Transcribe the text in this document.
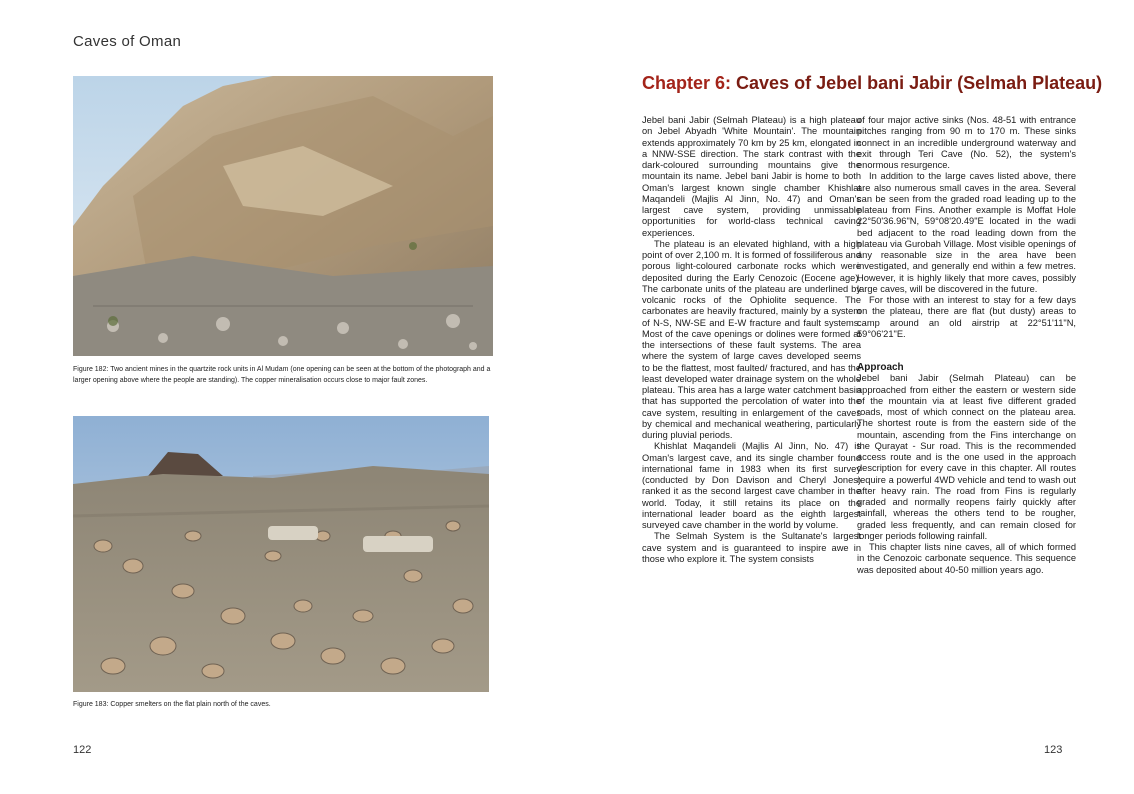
Caves of Oman
Figure 182: Two ancient mines in the quartzite rock units in Al Mudam (one opening can be seen at the bottom of the photograph and a larger opening above where the people are standing). The copper mineralisation occurs close to major fault zones.
Figure 183: Copper smelters on the flat plain north of the caves.
122
Chapter 6: Caves of Jebel bani Jabir (Selmah Plateau)

Jebel bani Jabir (Selmah Plateau) is a high plateau on Jebel Abyadh 'White Mountain'. The mountain extends approximately 70 km by 25 km, elongated in a NNW-SSE direction. The stark contrast with the dark-coloured surrounding mountains give the mountain its name. Jebel bani Jabir is home to both Oman's largest known single chamber Khishlat Maqandeli (Majlis Al Jinn, No. 47) and Oman's largest cave system, providing unmissable opportunities for world-class technical caving experiences.

The plateau is an elevated highland, with a high point of over 2,100 m. It is formed of fossiliferous and porous light-coloured carbonate rocks which were deposited during the Early Cenozoic (Eocene age). The carbonate units of the plateau are underlined by volcanic rocks of the Ophiolite sequence. The carbonates are heavily fractured, mainly by a system of N-S, NW-SE and E-W fracture and fault systems. Most of the cave openings or dolines were formed at the intersections of these fault systems. The area where the system of large caves developed seems to be the flattest, most faulted/ fractured, and has the least developed water drainage system on the whole plateau. This area has a large water catchment basin that has supported the percolation of water into the cave system, resulting in enlargement of the caves by chemical and mechanical weathering, particularly during pluvial periods.

Khishlat Maqandeli (Majlis Al Jinn, No. 47) is Oman's largest cave, and its single chamber found international fame in 1983 when its first survey (conducted by Don Davison and Cheryl Jones) ranked it as the second largest cave chamber in the world. Today, it still retains its place on the international leader board as the eighth largest surveyed cave chamber in the world by volume.

The Selmah System is the Sultanate's largest cave system and is guaranteed to inspire awe in those who explore it. The system consists

of four major active sinks (Nos. 48-51 with entrance pitches ranging from 90 m to 170 m. These sinks connect in an incredible underground waterway and exit through Teri Cave (No. 52), the system's enormous resurgence.

In addition to the large caves listed above, there are also numerous small caves in the area. Several can be seen from the graded road leading up to the plateau from Fins. Another example is Moffat Hole 22°50'36.96"N, 59°08'20.49"E located in the wadi bed adjacent to the road leading down from the plateau via Gurobah Village. Most visible openings of any reasonable size in the area have been investigated, and generally end within a few metres. However, it is highly likely that more caves, possibly large caves, will be discovered in the future.

For those with an interest to stay for a few days on the plateau, there are flat (but dusty) areas to camp around an old airstrip at 22°51'11"N, 59°06'21"E.

Approach

Jebel bani Jabir (Selmah Plateau) can be approached from either the eastern or western side of the mountain via at least five different graded roads, most of which connect on the plateau area. The shortest route is from the eastern side of the mountain, ascending from the Fins interchange on the Qurayat - Sur road. This is the recommended access route and is the one used in the approach description for every cave in this chapter. All routes require a powerful 4WD vehicle and tend to wash out after heavy rain. The road from Fins is regularly graded and normally reopens fairly quickly after rainfall, whereas the others tend to be rougher, graded less frequently, and can remain closed for longer periods following rainfall.

This chapter lists nine caves, all of which formed in the Cenozoic carbonate sequence. This sequence was deposited about 40-50 million years ago.

123
